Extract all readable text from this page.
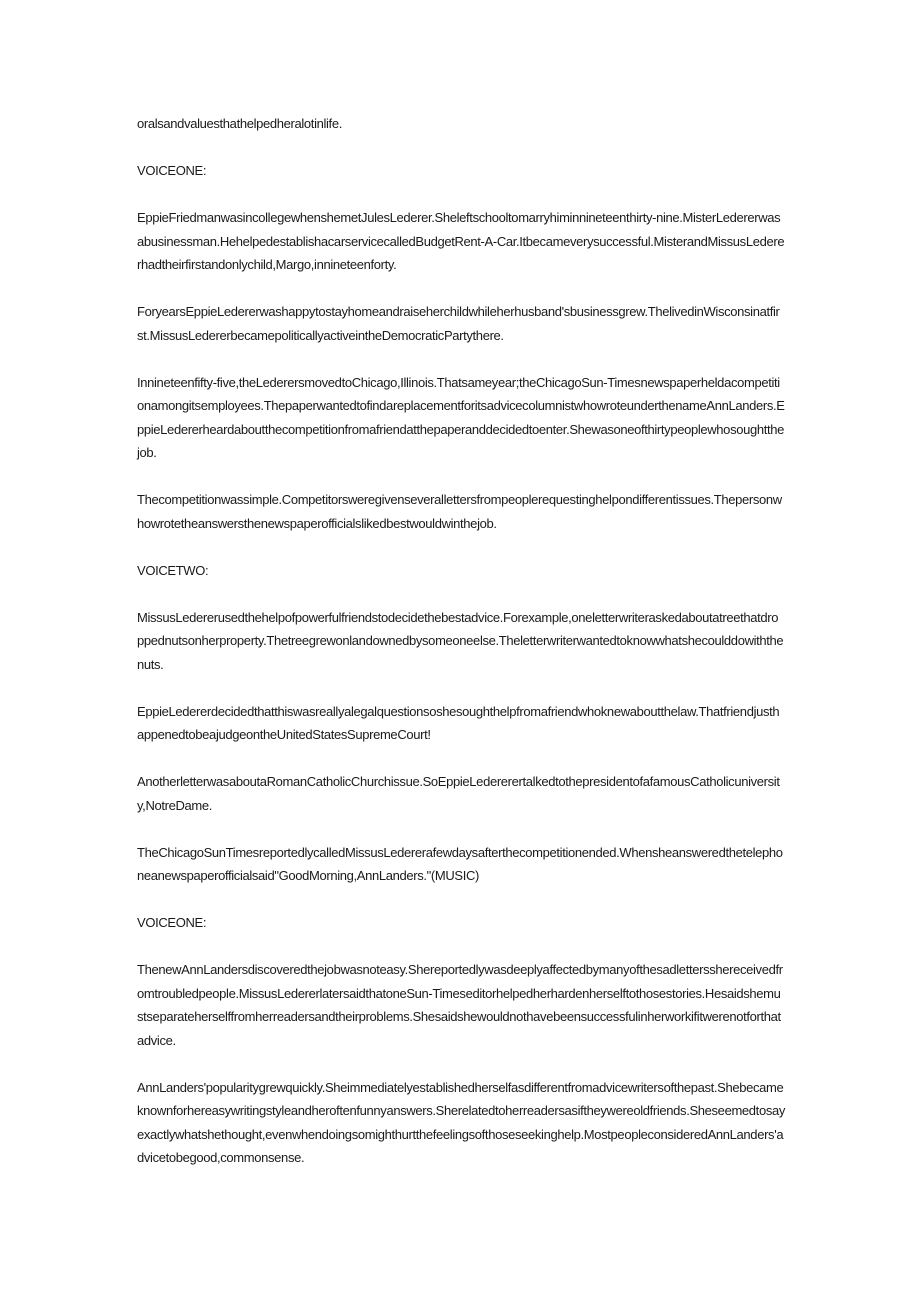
oralsandvaluesthathelpedheralotinlife.

VOICEONE:

EppieFriedmanwasincollegewhenshemetJulesLederer.Sheleftschooltomarryhiminnineteenthirty-nine.MisterLedererwasabusinessman.HehelpedestablishacarservicecalledBudgetRent-A-Car.Itbecameverysuccessful.MisterandMissusLedererhadtheirfirstandonlychild,Margo,innineteenforty.

ForyearsEppieLedererwashappytostayhomeandraiseherchildwhileherhusband'sbusinessgrew.ThelivedinWisconsinatfirst.MissusLedererbecamepoliticallyactiveintheDemocraticPartythere.

Innineteenfifty-five,theLederersmovedtoChicago,Illinois.Thatsameyear;theChicagoSun-Timesnewspaperheldacompetitionamongitsemployees.ThepaperwantedtofindareplacementforitsadvicecolumnistwhowroteunderthenameAnnLanders.EppieLedererheardaboutthecompetitionfromafriendatthepaperanddecidedtoenter.Shewasoneofthirtypeoplewhosoughtthejob.

Thecompetitionwassimple.Competitorsweregivenseverallettersfrompeoplerequestinghelpondifferentissues.Thepersonwhowrotetheanswersthenewspaperofficialslikedbestwouldwinthejob.

VOICETWO:

MissusLedererusedthehelpofpowerfulfriendstodecidethebestadvice.Forexample,oneletterwriteraskedaboutatreethatdroppednutsonherproperty.Thetreegrewonlandownedbysomeoneelse.Theletterwriterwantedtoknowwhatshecoulddowiththenuts.

EppieLedererdecidedthatthiswasreallyalegalquestionsoshesoughthelpfromafriendwhoknewaboutthelaw.ThatfriendjusthappenedtobeajudgeontheUnitedStatesSupremeCourt!

AnotherletterwasaboutaRomanCatholicChurchissue.SoEppieLedererertalkedtothepresidentofafamousCatholicuniversity,NotreDame.

TheChicagoSunTimesreportedlycalledMissusLedererafewdaysafterthecompetitionended.Whensheansweredthetelephoneanewspaperofficialsaid"GoodMorning,AnnLanders."(MUSIC)

VOICEONE:

ThenewAnnLandersdiscoveredthejobwasnoteasy.Shereportedlywasdeeplyaffectedbymanyofthesadlettersshereceivedfromtroubledpeople.MissusLedererlatersaidthatoneSun-Timeseditorhelpedherhardenherselftothosestories.Hesaidshemustseparateherselffromherreadersandtheirproblems.Shesaidshewouldnothavebeensuccessfulinherworkifitwerenotforthatadvice.

AnnLanders'popularitygrewquickly.Sheimmediatelyestablishedherselfasdifferentfromadvicewritersofthepast.Shebecameknownforhereasywritingstyleandheroftenfunnyanswers.Sherelatedtoherreadersasiftheywereoldfriends.Sheseemedtosayexactlywhatshethought,evenwhendoingsomighthurtthefeelingsofthoseseekinghelp.MostpeopleconsideredAnnLanders'advicetobegood,commonsense.
